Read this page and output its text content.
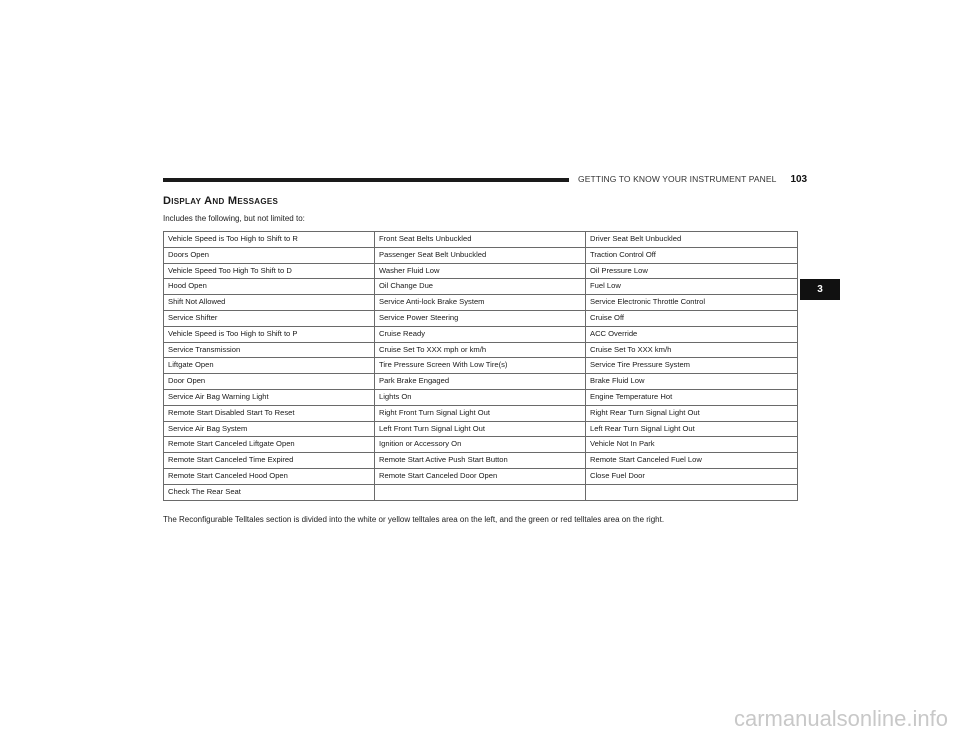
GETTING TO KNOW YOUR INSTRUMENT PANEL 103
Display And Messages

Includes the following, but not limited to:

Vehicle Speed is Too High to Shift to R	Front Seat Belts Unbuckled	Driver Seat Belt Unbuckled
Doors Open	Passenger Seat Belt Unbuckled	Traction Control Off
Vehicle Speed Too High To Shift to D	Washer Fluid Low	Oil Pressure Low
Hood Open	Oil Change Due	Fuel Low
Shift Not Allowed	Service Anti-lock Brake System	Service Electronic Throttle Control
Service Shifter	Service Power Steering	Cruise Off
Vehicle Speed is Too High to Shift to P	Cruise Ready	ACC Override
Service Transmission	Cruise Set To XXX mph or km/h	Cruise Set To XXX km/h
Liftgate Open	Tire Pressure Screen With Low Tire(s)	Service Tire Pressure System
Door Open	Park Brake Engaged	Brake Fluid Low
Service Air Bag Warning Light	Lights On	Engine Temperature Hot
Remote Start Disabled Start To Reset	Right Front Turn Signal Light Out	Right Rear Turn Signal Light Out
Service Air Bag System	Left Front Turn Signal Light Out	Left Rear Turn Signal Light Out
Remote Start Canceled Liftgate Open	Ignition or Accessory On	Vehicle Not In Park
Remote Start Canceled Time Expired	Remote Start Active Push Start Button	Remote Start Canceled Fuel Low
Remote Start Canceled Hood Open	Remote Start Canceled Door Open	Close Fuel Door
Check The Rear Seat		

The Reconfigurable Telltales section is divided into the white or yellow telltales area on the left, and the green or red telltales area on the right.

3
carmanualsonline.info
